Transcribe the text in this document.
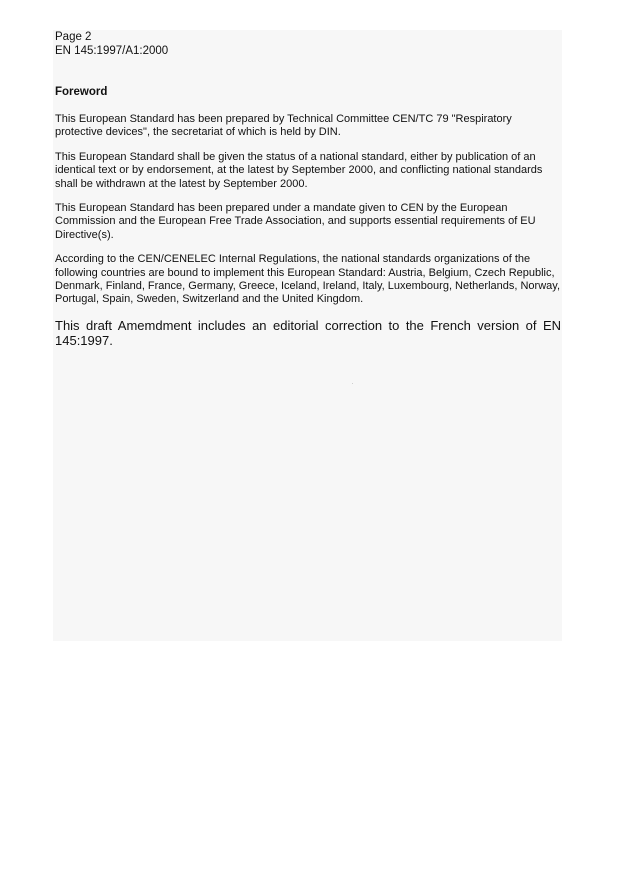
Page 2

EN 145:1997/A1:2000

Foreword

This European Standard has been prepared by Technical Committee CEN/TC 79 "Respiratory protective devices", the secretariat of which is held by DIN.

This European Standard shall be given the status of a national standard, either by publication of an identical text or by endorsement, at the latest by September 2000, and conflicting national standards shall be withdrawn at the latest by September 2000.

This European Standard has been prepared under a mandate given to CEN by the European Commission and the European Free Trade Association, and supports essential requirements of EU Directive(s).

According to the CEN/CENELEC Internal Regulations, the national standards organizations of the following countries are bound to implement this European Standard: Austria, Belgium, Czech Republic, Denmark, Finland, France, Germany, Greece, Iceland, Ireland, Italy, Luxembourg, Netherlands, Norway, Portugal, Spain, Sweden, Switzerland and the United Kingdom.

This draft Amemdment includes an editorial correction to the French version of EN 145:1997.
